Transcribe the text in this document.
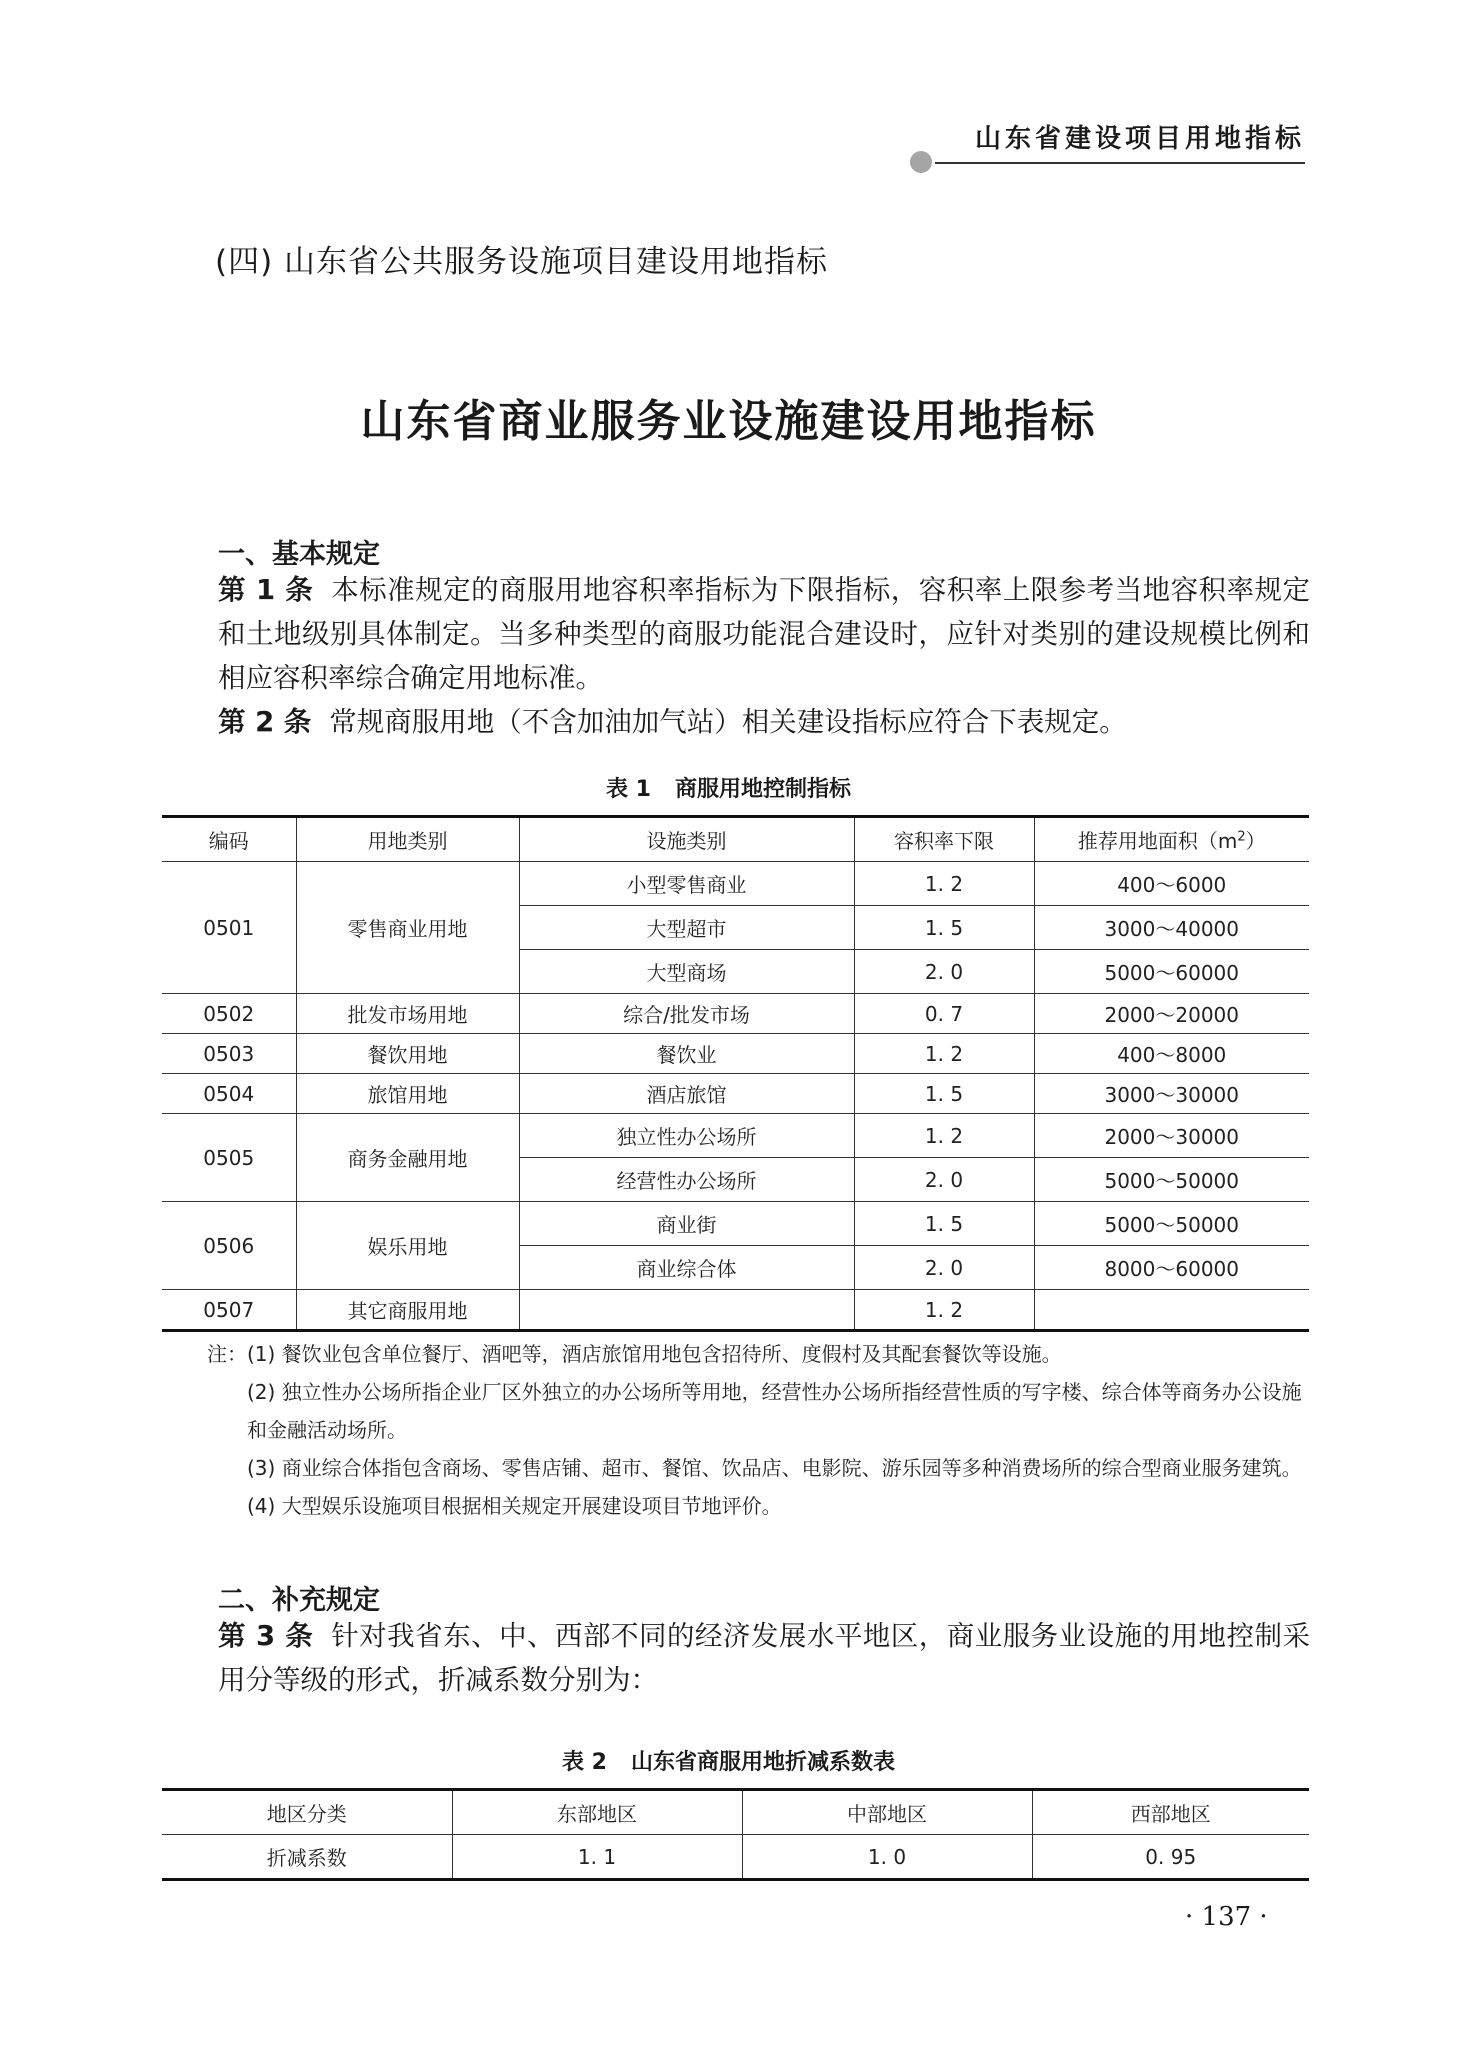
山东省建设项目用地指标
(四) 山东省公共服务设施项目建设用地指标
山东省商业服务业设施建设用地指标
一、基本规定
第 1 条 本标准规定的商服用地容积率指标为下限指标，容积率上限参考当地容积率规定和土地级别具体制定。当多种类型的商服功能混合建设时，应针对类别的建设规模比例和相应容积率综合确定用地标准。
第 2 条 常规商服用地（不含加油加气站）相关建设指标应符合下表规定。
表 1 商服用地控制指标
编码	用地类别	设施类别	容积率下限	推荐用地面积$(m^2)$
0501	零售商业用地	小型零售商业	1. 2	400～6000
		大型超市	1. 5	3000～40000
		大型商场	2. 0	5000～60000
0502	批发市场用地	综合/批发市场	0. 7	2000～20000
0503	餐饮用地	餐饮业	1. 2	400～8000
0504	旅馆用地	酒店旅馆	1. 5	3000～30000
0505	商务金融用地	独立性办公场所	1. 2	2000～30000
		经营性办公场所	2. 0	5000～50000
0506	娱乐用地	商业街	1. 5	5000～50000
		商业综合体	2. 0	8000～60000
0507	其它商服用地		1. 2	

注：(1) 餐饮业包含单位餐厅、酒吧等，酒店旅馆用地包含招待所、度假村及其配套餐饮等设施。

(2) 独立性办公场所指企业厂区外独立的办公场所等用地，经营性办公场所指经营性质的写字楼、综合体等商务办公设施和金融活动场所。

(3) 商业综合体指包含商场、零售店铺、超市、餐馆、饮品店、电影院、游乐园等多种消费场所的综合型商业服务建筑。

(4) 大型娱乐设施项目根据相关规定开展建设项目节地评价。

二、补充规定
第 3 条 针对我省东、中、西部不同的经济发展水平地区，商业服务业设施的用地控制采用分等级的形式，折减系数分别为：
表 2 山东省商服用地折减系数表
地区分类	东部地区	中部地区	西部地区
折减系数	1. 1	1. 0	0. 95
· 137 ·
